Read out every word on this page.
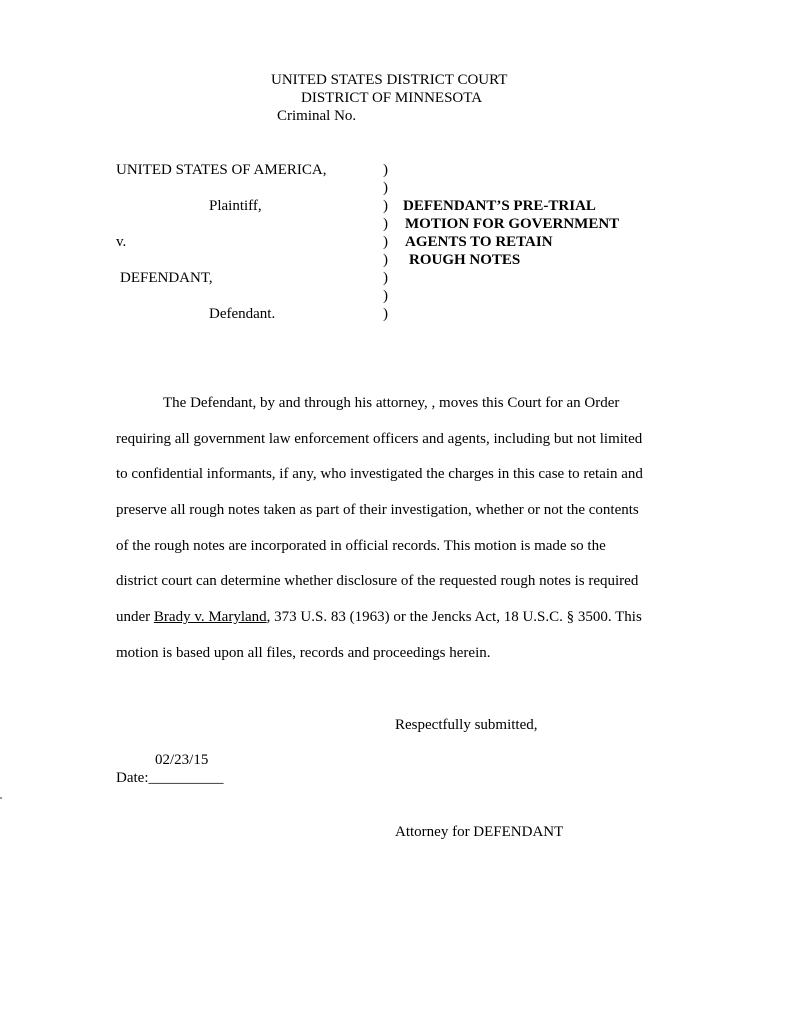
UNITED STATES DISTRICT COURT
DISTRICT OF MINNESOTA
Criminal No.
UNITED STATES OF AMERICA,
Plaintiff,
v.
DEFENDANT,
Defendant.
)
)
)
)
)
)
)
)
)
DEFENDANT’S PRE-TRIAL
MOTION FOR GOVERNMENT
AGENTS TO RETAIN
ROUGH NOTES
The Defendant, by and through his attorney, , moves this Court for an Order
requiring all government law enforcement officers and agents, including but not limited
to confidential informants, if any, who investigated the charges in this case to retain and
preserve all rough notes taken as part of their investigation, whether or not the contents
of the rough notes are incorporated in official records. This motion is made so the
district court can determine whether disclosure of the requested rough notes is required
under Brady v. Maryland, 373 U.S. 83 (1963) or the Jencks Act, 18 U.S.C. § 3500. This
motion is based upon all files, records and proceedings herein.
Respectfully submitted,
02/23/15
Date:__________
Attorney for DEFENDANT
